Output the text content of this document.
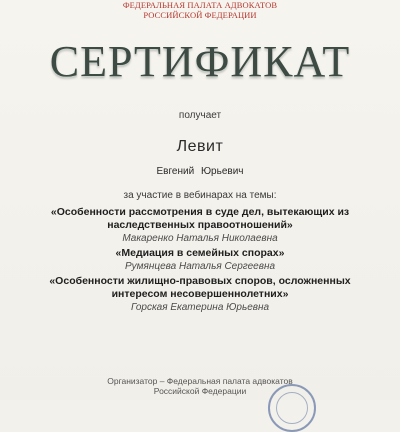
ФЕДЕРАЛЬНАЯ ПАЛАТА АДВОКАТОВ
РОССИЙСКОЙ ФЕДЕРАЦИИ
СЕРТИФИКАТ
получает
Левит
Евгений Юрьевич
за участие в вебинарах на темы:
«Особенности рассмотрения в суде дел, вытекающих из наследственных правоотношений»
Макаренко Наталья Николаевна
«Медиация в семейных спорах»
Румянцева Наталья Сергеевна
«Особенности жилищно-правовых споров, осложненных интересом несовершеннолетних»
Горская Екатерина Юрьевна
Организатор – Федеральная палата адвокатов
Российской Федерации
